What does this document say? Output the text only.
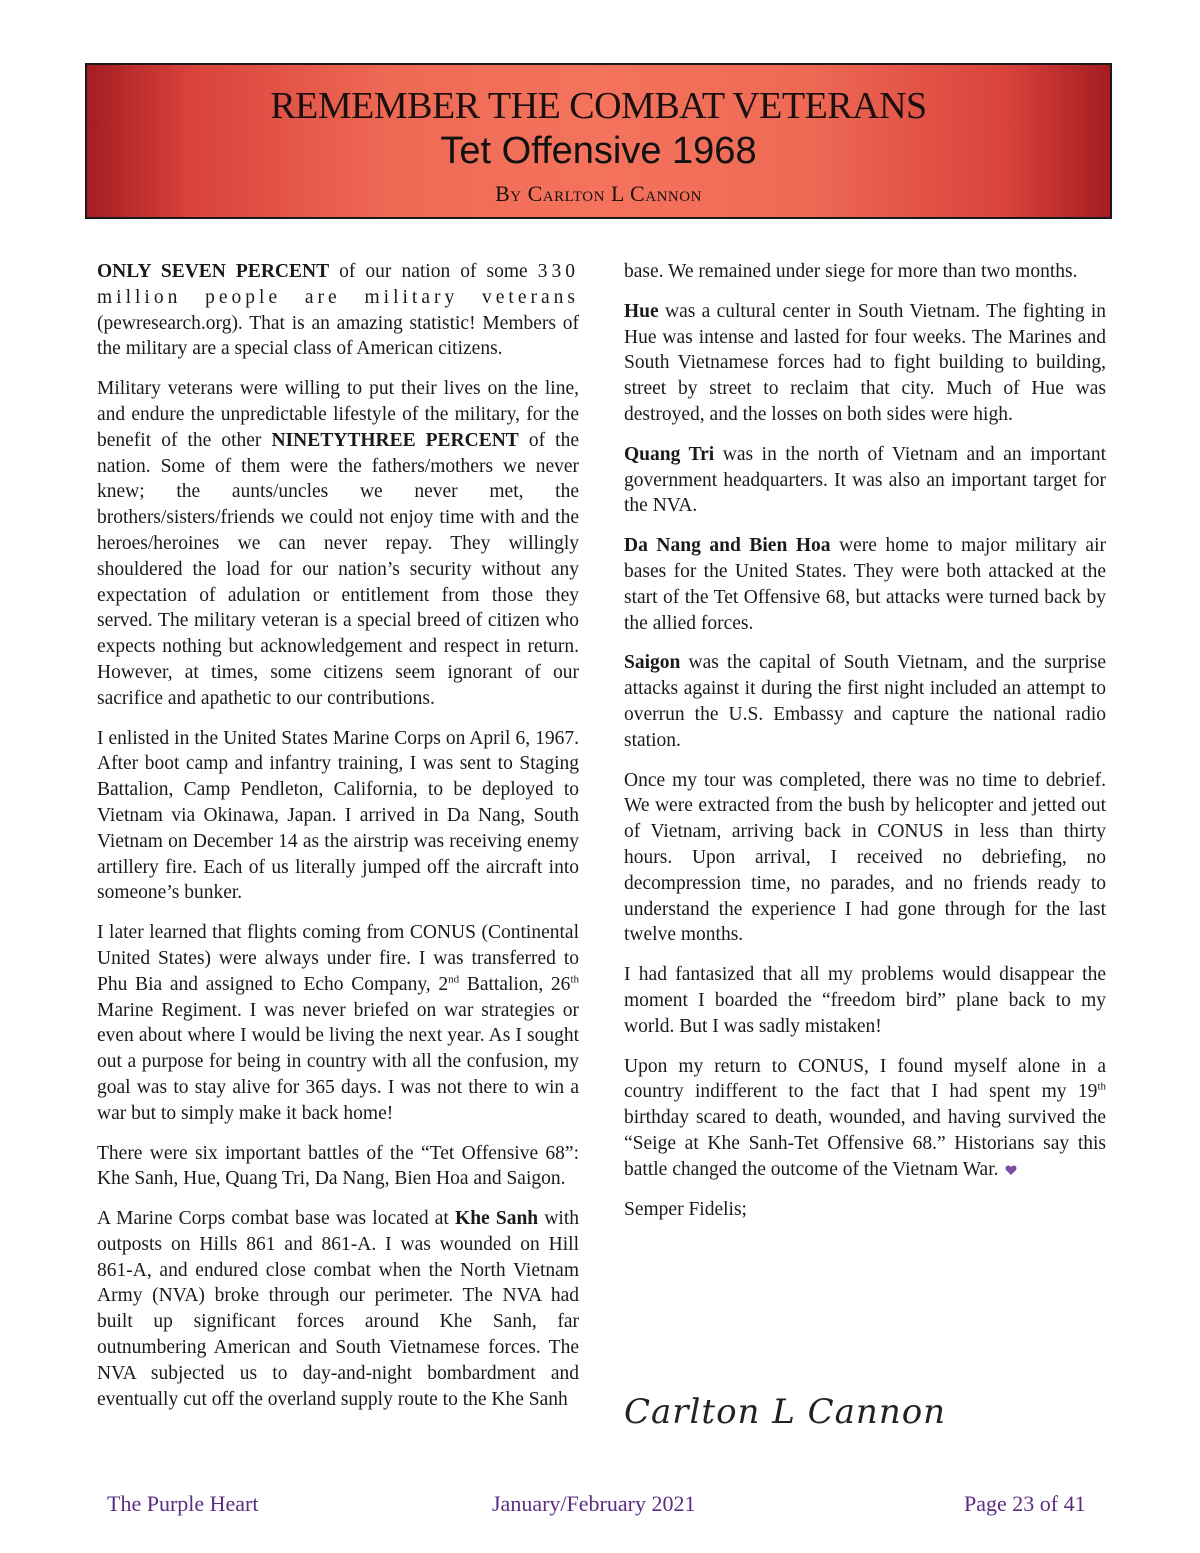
REMEMBER THE COMBAT VETERANS
Tet Offensive 1968
By Carlton L Cannon

ONLY SEVEN PERCENT of our nation of some 330 million people are military veterans (pewresearch.org). That is an amazing statistic! Members of the military are a special class of American citizens.

Military veterans were willing to put their lives on the line, and endure the unpredictable lifestyle of the military, for the benefit of the other NINETYTHREE PERCENT of the nation. Some of them were the fathers/mothers we never knew; the aunts/uncles we never met, the brothers/sisters/friends we could not enjoy time with and the heroes/heroines we can never repay. They willingly shouldered the load for our nation’s security without any expectation of adulation or entitlement from those they served. The military veteran is a special breed of citizen who expects nothing but acknowledgement and respect in return. However, at times, some citizens seem ignorant of our sacrifice and apathetic to our contributions.

I enlisted in the United States Marine Corps on April 6, 1967. After boot camp and infantry training, I was sent to Staging Battalion, Camp Pendleton, California, to be deployed to Vietnam via Okinawa, Japan. I arrived in Da Nang, South Vietnam on December 14 as the airstrip was receiving enemy artillery fire. Each of us literally jumped off the aircraft into someone’s bunker.

I later learned that flights coming from CONUS (Continental United States) were always under fire. I was transferred to Phu Bia and assigned to Echo Company, 2nd Battalion, 26th Marine Regiment. I was never briefed on war strategies or even about where I would be living the next year. As I sought out a purpose for being in country with all the confusion, my goal was to stay alive for 365 days. I was not there to win a war but to simply make it back home!

There were six important battles of the “Tet Offensive 68”: Khe Sanh, Hue, Quang Tri, Da Nang, Bien Hoa and Saigon.

A Marine Corps combat base was located at Khe Sanh with outposts on Hills 861 and 861-A. I was wounded on Hill 861-A, and endured close combat when the North Vietnam Army (NVA) broke through our perimeter. The NVA had built up significant forces around Khe Sanh, far outnumbering American and South Vietnamese forces. The NVA subjected us to day-and-night bombardment and eventually cut off the overland supply route to the Khe Sanh

base. We remained under siege for more than two months.

Hue was a cultural center in South Vietnam. The fighting in Hue was intense and lasted for four weeks. The Marines and South Vietnamese forces had to fight building to building, street by street to reclaim that city. Much of Hue was destroyed, and the losses on both sides were high.

Quang Tri was in the north of Vietnam and an important government headquarters. It was also an important target for the NVA.

Da Nang and Bien Hoa were home to major military air bases for the United States. They were both attacked at the start of the Tet Offensive 68, but attacks were turned back by the allied forces.

Saigon was the capital of South Vietnam, and the surprise attacks against it during the first night included an attempt to overrun the U.S. Embassy and capture the national radio station.

Once my tour was completed, there was no time to debrief. We were extracted from the bush by helicopter and jetted out of Vietnam, arriving back in CONUS in less than thirty hours. Upon arrival, I received no debriefing, no decompression time, no parades, and no friends ready to understand the experience I had gone through for the last twelve months.

I had fantasized that all my problems would disappear the moment I boarded the “freedom bird” plane back to my world. But I was sadly mistaken!

Upon my return to CONUS, I found myself alone in a country indifferent to the fact that I had spent my 19th birthday scared to death, wounded, and having survived the “Seige at Khe Sanh-Tet Offensive 68.” Historians say this battle changed the outcome of the Vietnam War.

Semper Fidelis;

Carlton L Cannon
The Purple Heart	January/February 2021	Page 23 of 41
